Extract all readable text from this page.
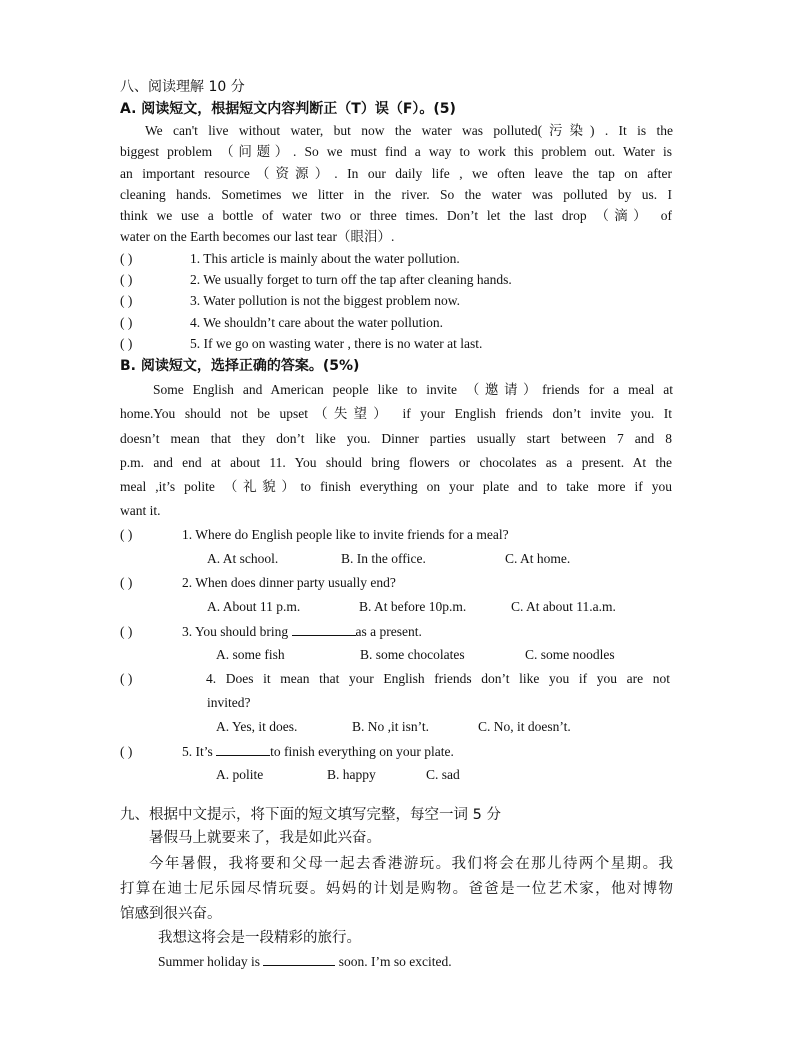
八、阅读理解 10 分
A. 阅读短文，根据短文内容判断正（T）误（F）。(5)
We can't live without water, but now the water was polluted(污染) . It is the
biggest problem （问题）. So we must find a way to work this problem out. Water is
an important resource（资源）. In our daily life , we often leave the tap on after
cleaning hands. Sometimes we litter in the river. So the water was polluted by us. I
think we use a bottle of water two or three times. Don’t let the last drop （滴） of
water on the Earth becomes our last tear（眼泪）.
( )	1. This article is mainly about the water pollution.
( )	2. We usually forget to turn off the tap after cleaning hands.
( )	3. Water pollution is not the biggest problem now.
( )	4. We shouldn’t care about the water pollution.
( )	5. If we go on wasting water , there is no water at last.
B. 阅读短文，选择正确的答案。(5%)
Some English and American people like to invite （邀请）friends for a meal at
home.You should not be upset（失望） if your English friends don’t invite you. It
doesn’t mean that they don’t like you. Dinner parties usually start between 7 and 8
p.m. and end at about 11. You should bring flowers or chocolates as a present. At the
meal ,it’s polite （礼貌）to finish everything on your plate and to take more if you
want it.
( )	1. Where do English people like to invite friends for a meal?
A. At school.	B. In the office.	C. At home.
( )	2. When does dinner party usually end?
A. About 11 p.m.	B. At before 10p.m.	C. At about 11.a.m.
( )	3. You should bring	as a present.
A. some fish	B. some chocolates	C. some noodles
( )	4. Does it mean that your English friends don’t like you if you are not
invited?
A. Yes, it does.	B. No ,it isn’t.	C. No, it doesn’t.
( )	5. It’s	to finish everything on your plate.
A. polite	B. happy	C. sad
九、根据中文提示，将下面的短文填写完整，每空一词 5 分
暑假马上就要来了，我是如此兴奋。
今年暑假，我将要和父母一起去香港游玩。我们将会在那儿待两个星期。我
打算在迪士尼乐园尽情玩耍。妈妈的计划是购物。爸爸是一位艺术家，他对博物
馆感到很兴奋。
我想这将会是一段精彩的旅行。
Summer holiday is	soon. I’m so excited.
